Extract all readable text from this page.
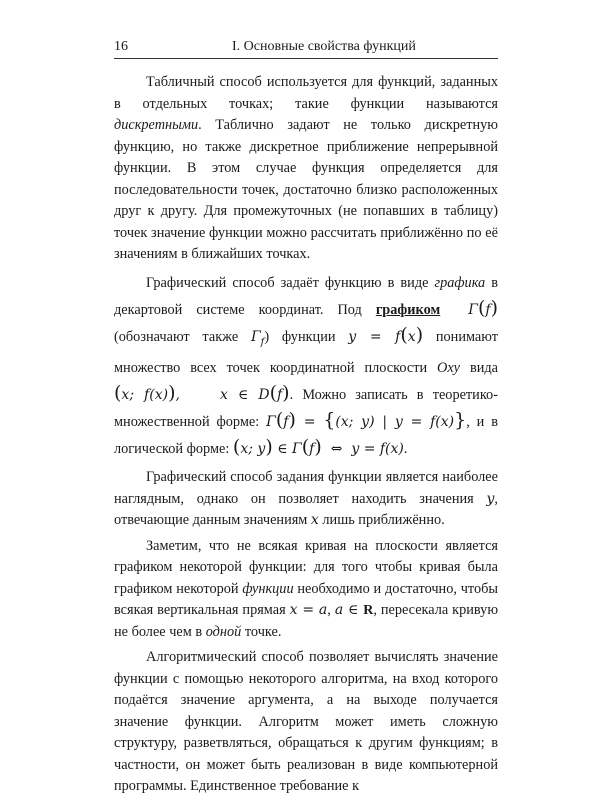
16	I. Основные свойства функций

Табличный способ используется для функций, заданных в отдельных точках; такие функции называются дискретными. Таблично задают не только дискретную функцию, но также дискретное приближение непрерывной функции. В этом случае функция определяется для последовательности точек, достаточно близко расположенных друг к другу. Для промежуточных (не попавших в таблицу) точек значение функции можно рассчитать приближённо по её значениям в ближайших точках.

Графический способ задаёт функцию в виде графика в декартовой системе координат. Под графиком Γ(f) (обозначают также $\Gamma_f$) функции y = f(x) понимают множество всех точек координатной плоскости Oxy вида (x; f(x)),    x ∈ D(f). Можно записать в теоретико-множественной форме: Γ(f) = {(x; y) | y = f(x)}, и в логической форме: (x; y) ∈ Γ(f) ⇔  y = f(x).

Графический способ задания функции является наиболее наглядным, однако он позволяет находить значения y, отвечающие данным значениям x лишь приближённо.

Заметим, что не всякая кривая на плоскости является графиком некоторой функции: для того чтобы кривая была графиком некоторой функции необходимо и достаточно, чтобы всякая вертикальная прямая x = a, a ∈ R, пересекала кривую не более чем в одной точке.

Алгоритмический способ позволяет вычислять значение функции с помощью некоторого алгоритма, на вход которого подаётся значение аргумента, а на выходе получается значение функции. Алгоритм может иметь сложную структуру, разветвляться, обращаться к другим функциям; в частности, он может быть реализован в виде компьютерной программы. Единственное требование к
